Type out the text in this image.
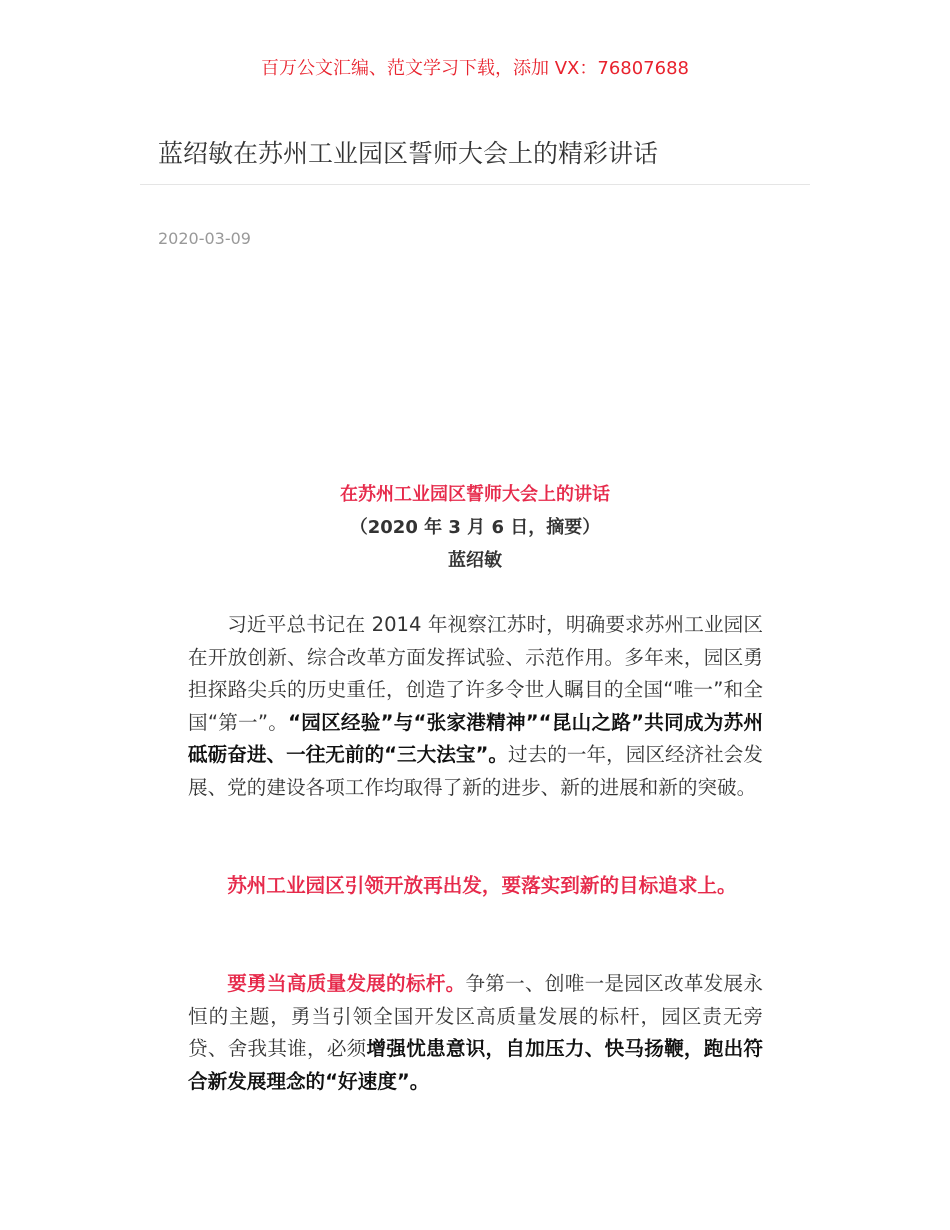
百万公文汇编、范文学习下载，添加 VX：76807688
蓝绍敏在苏州工业园区誓师大会上的精彩讲话
2020-03-09
在苏州工业园区誓师大会上的讲话
（2020 年 3 月 6 日，摘要）
蓝绍敏

习近平总书记在 2014 年视察江苏时，明确要求苏州工业园区在开放创新、综合改革方面发挥试验、示范作用。多年来，园区勇担探路尖兵的历史重任，创造了许多令世人瞩目的全国“唯一”和全国“第一”。“园区经验”与“张家港精神”“昆山之路”共同成为苏州砥砺奋进、一往无前的“三大法宝”。过去的一年，园区经济社会发展、党的建设各项工作均取得了新的进步、新的进展和新的突破。

苏州工业园区引领开放再出发，要落实到新的目标追求上。

要勇当高质量发展的标杆。争第一、创唯一是园区改革发展永恒的主题，勇当引领全国开发区高质量发展的标杆，园区责无旁贷、舍我其谁，必须增强忧患意识，自加压力、快马扬鞭，跑出符合新发展理念的“好速度”。
